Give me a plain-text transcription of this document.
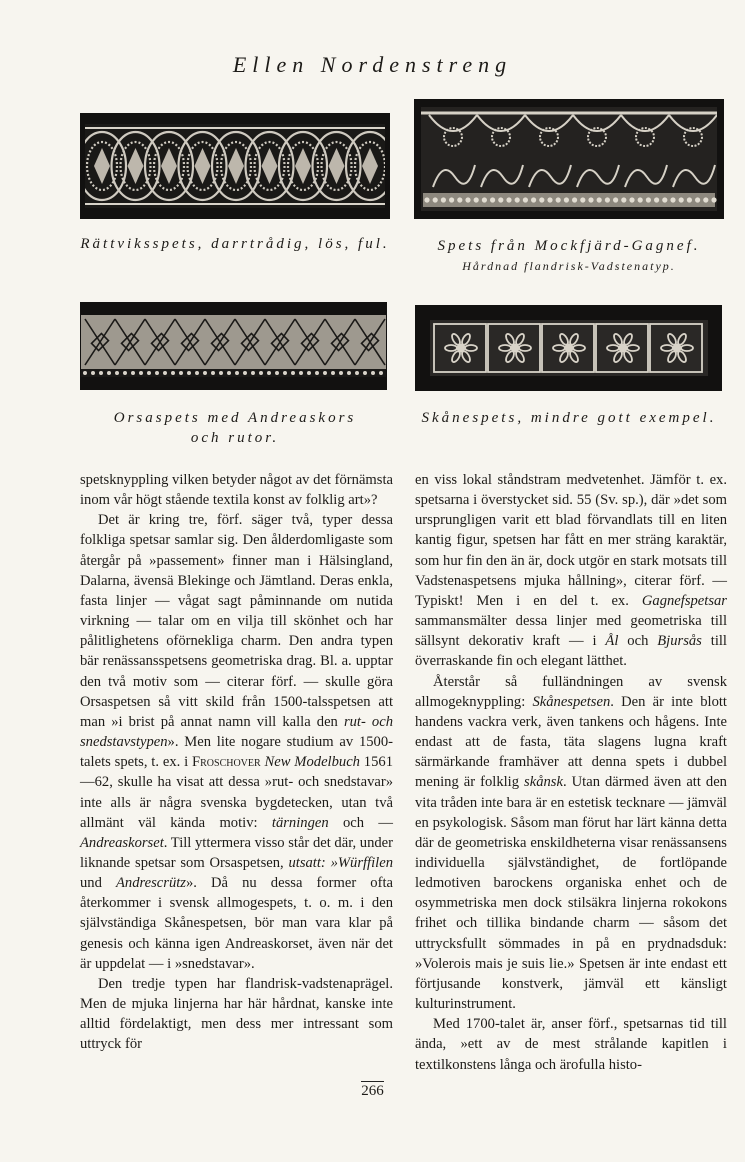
Ellen Nordenstreng
Rättviksspets, darrtrådig, lös, ful.	Spets från Mockfjärd-Gagnef.
Hårdnad flandrisk-Vadstenatyp.
Orsaspets med Andreaskors
och rutor.
Skånespets, mindre gott exempel.

spetsknyppling vilken betyder något av det förnämsta inom vår högt stående textila konst av folklig art»?

Det är kring tre, förf. säger två, typer dessa folkliga spetsar samlar sig. Den ålderdomligaste som återgår på »passement» finner man i Hälsingland, Dalarna, ävensä Blekinge och Jämtland. Deras enkla, fasta linjer — vågat sagt påminnande om nutida virkning — talar om en vilja till skönhet och har pålitlighetens oförnekliga charm. Den andra typen bär renässansspetsens geometriska drag. Bl. a. upptar den två motiv som — citerar förf. — skulle göra Orsaspetsen så vitt skild från 1500-talsspetsen att man »i brist på annat namn vill kalla den rut- och snedstavstypen». Men lite nogare studium av 1500-talets spets, t. ex. i Froschover New Modelbuch 1561—62, skulle ha visat att dessa »rut- och snedstavar» inte alls är några svenska bygdetecken, utan två allmänt väl kända motiv: tärningen och — Andreaskorset. Till yttermera visso står det där, under liknande spetsar som Orsaspetsen, utsatt: »Würffilen und Andrescrütz». Då nu dessa former ofta återkommer i svensk allmogespets, t. o. m. i den självständiga Skånespetsen, bör man vara klar på genesis och känna igen Andreaskorset, även när det är uppdelat — i »snedstavar».

Den tredje typen har flandrisk-vadstenaprägel. Men de mjuka linjerna har här hårdnat, kanske inte alltid fördelaktigt, men dess mer intressant som uttryck för

en viss lokal ståndstram medvetenhet. Jämför t. ex. spetsarna i överstycket sid. 55 (Sv. sp.), där »det som ursprungligen varit ett blad förvandlats till en liten kantig figur, spetsen har fått en mer sträng karaktär, som hur fin den än är, dock utgör en stark motsats till Vadstenaspetsens mjuka hållning», citerar förf. — Typiskt! Men i en del t. ex. Gagnefspetsar sammansmälter dessa linjer med geometriska till sällsynt dekorativ kraft — i Ål och Bjursås till överraskande fin och elegant lätthet.

Återstår så fulländningen av svensk allmogeknyppling: Skånespetsen. Den är inte blott handens vackra verk, även tankens och hågens. Inte endast att de fasta, täta slagens lugna kraft särmärkande framhäver att denna spets i dubbel mening är folklig skånsk. Utan därmed även att den vita tråden inte bara är en estetisk tecknare — jämväl en psykologisk. Såsom man förut har lärt känna detta där de geometriska enskildheterna visar renässansens individuella självständighet, de fortlöpande ledmotiven barockens organiska enhet och de osymmetriska men dock stilsäkra linjerna rokokons frihet och tillika bindande charm — såsom det uttrycksfullt sömmades in på en prydnadsduk: »Volerois mais je suis lie.» Spetsen är inte endast ett förtjusande konstverk, jämväl ett känsligt kulturinstrument.

Med 1700-talet är, anser förf., spetsarnas tid till ända, »ett av de mest strålande kapitlen i textilkonstens långa och ärofulla histo-

266
